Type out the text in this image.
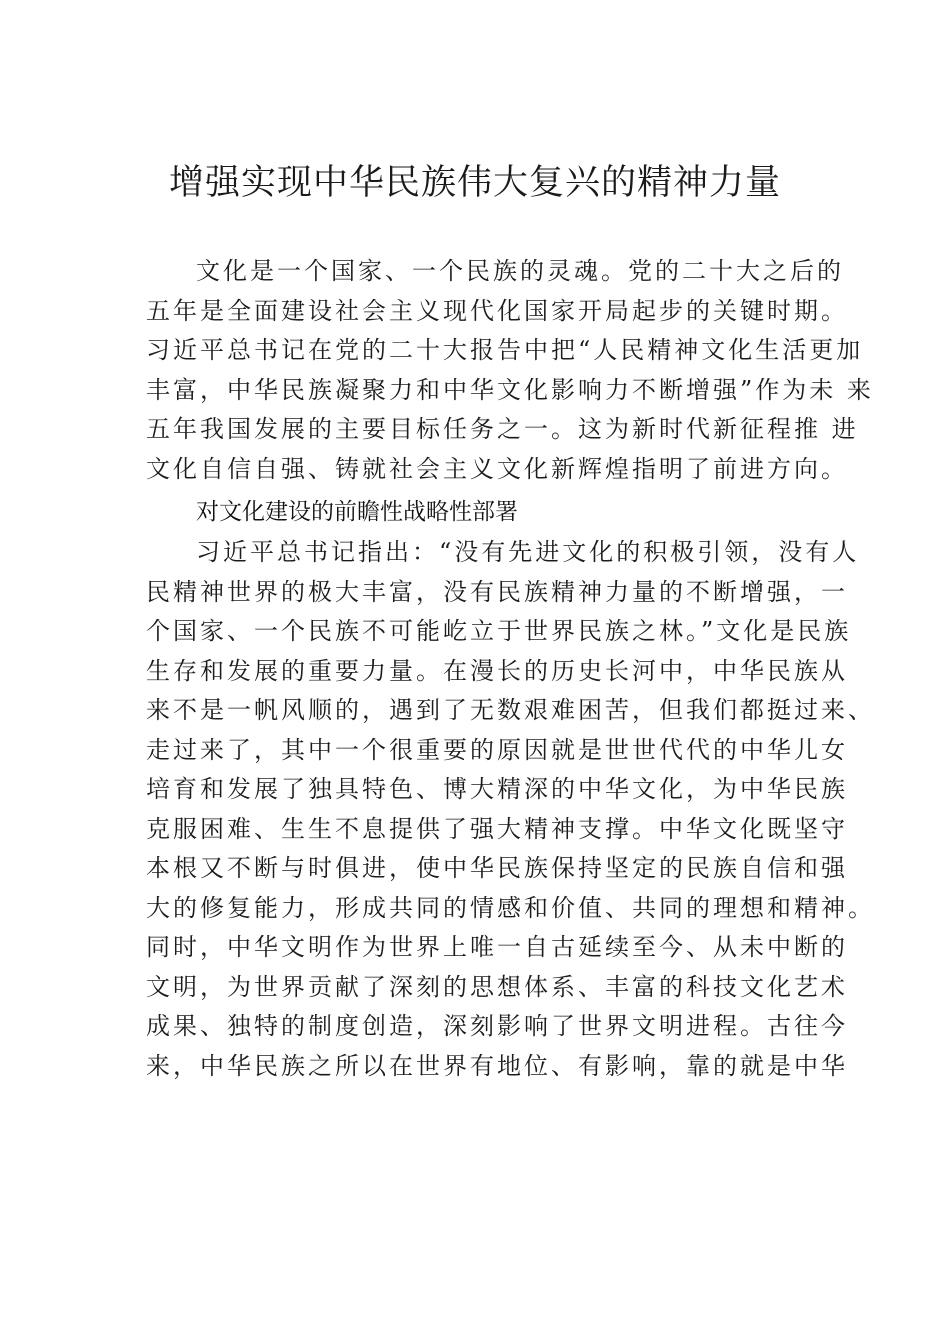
增强实现中华民族伟大复兴的精神力量
文化是一个国家、一个民族的灵魂。党的二十大之后的
五年是全面建设社会主义现代化国家开局起步的关键时期。
习近平总书记在党的二十大报告中把“人民精神文化生活更加
丰富，中华民族凝聚力和中华文化影响力不断增强”作为未 来
五年我国发展的主要目标任务之一。这为新时代新征程推 进
文化自信自强、铸就社会主义文化新辉煌指明了前进方向。
对文化建设的前瞻性战略性部署
习近平总书记指出：“没有先进文化的积极引领，没有人
民精神世界的极大丰富，没有民族精神力量的不断增强，一
个国家、一个民族不可能屹立于世界民族之林。”文化是民族
生存和发展的重要力量。在漫长的历史长河中，中华民族从
来不是一帆风顺的，遇到了无数艰难困苦，但我们都挺过来、
走过来了，其中一个很重要的原因就是世世代代的中华儿女
培育和发展了独具特色、博大精深的中华文化，为中华民族
克服困难、生生不息提供了强大精神支撑。中华文化既坚守
本根又不断与时俱进，使中华民族保持坚定的民族自信和强
大的修复能力，形成共同的情感和价值、共同的理想和精神。
同时，中华文明作为世界上唯一自古延续至今、从未中断的
文明，为世界贡献了深刻的思想体系、丰富的科技文化艺术
成果、独特的制度创造，深刻影响了世界文明进程。古往今
来，中华民族之所以在世界有地位、有影响，靠的就是中华
